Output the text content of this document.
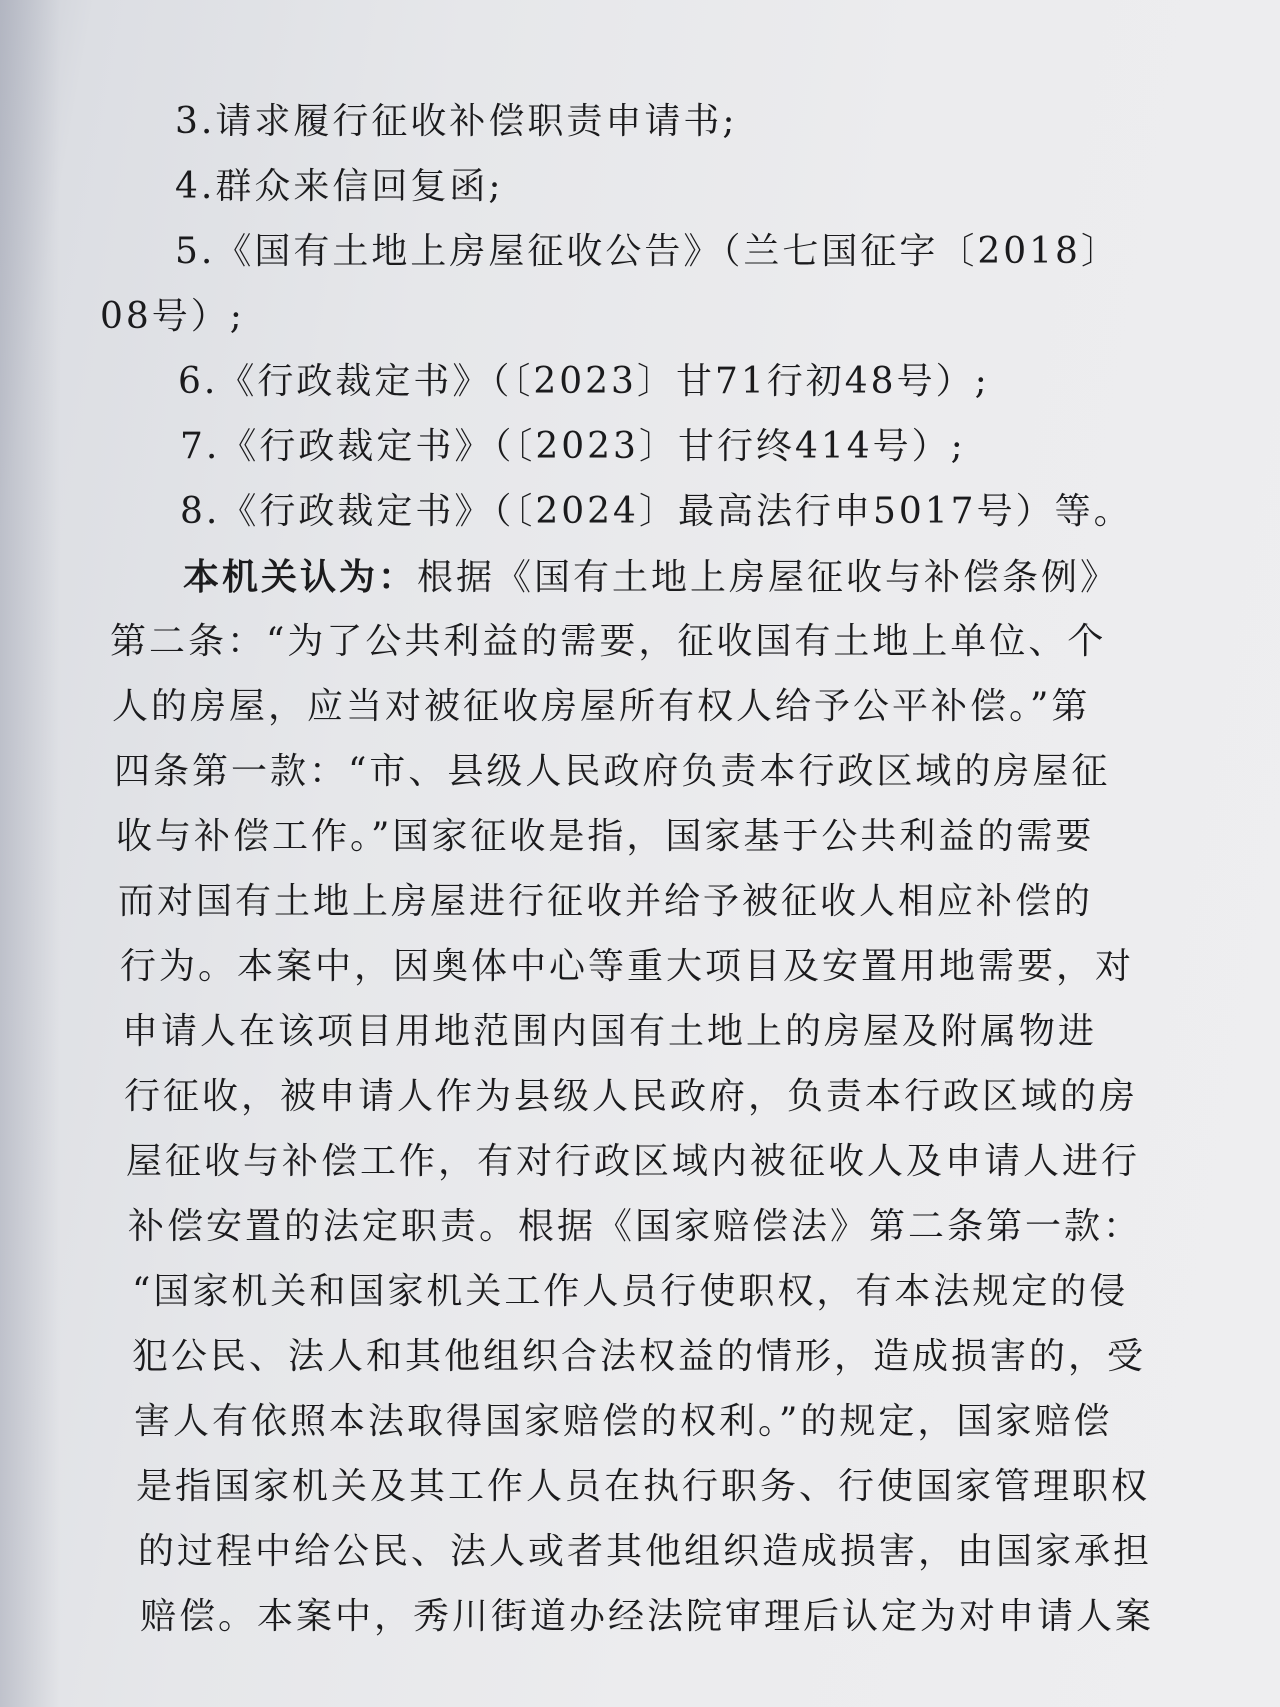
3.请求履行征收补偿职责申请书;
4.群众来信回复函;
5.《国有土地上房屋征收公告》（兰七国征字〔2018〕
08号）;
6.《行政裁定书》（〔2023〕甘71行初48号）;
7.《行政裁定书》（〔2023〕甘行终414号）;
8.《行政裁定书》（〔2024〕最高法行申5017号）等。
本机关认为：根据《国有土地上房屋征收与补偿条例》
第二条：“为了公共利益的需要，征收国有土地上单位、个
人的房屋，应当对被征收房屋所有权人给予公平补偿。”第
四条第一款：“市、县级人民政府负责本行政区域的房屋征
收与补偿工作。”国家征收是指，国家基于公共利益的需要
而对国有土地上房屋进行征收并给予被征收人相应补偿的
行为。本案中，因奥体中心等重大项目及安置用地需要，对
申请人在该项目用地范围内国有土地上的房屋及附属物进
行征收，被申请人作为县级人民政府，负责本行政区域的房
屋征收与补偿工作，有对行政区域内被征收人及申请人进行
补偿安置的法定职责。根据《国家赔偿法》第二条第一款：
“国家机关和国家机关工作人员行使职权，有本法规定的侵
犯公民、法人和其他组织合法权益的情形，造成损害的，受
害人有依照本法取得国家赔偿的权利。”的规定，国家赔偿
是指国家机关及其工作人员在执行职务、行使国家管理职权
的过程中给公民、法人或者其他组织造成损害，由国家承担
赔偿。本案中，秀川街道办经法院审理后认定为对申请人案
